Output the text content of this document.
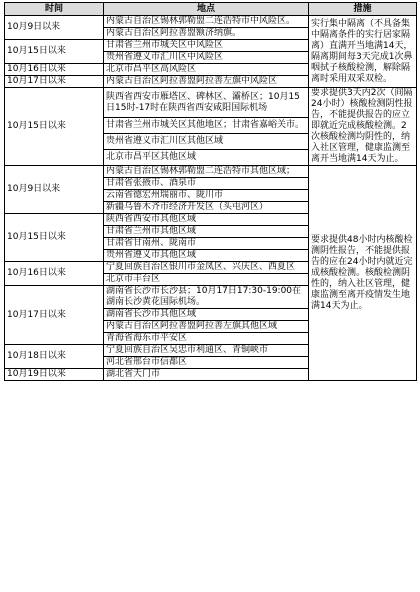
时间	地点	措施
10月9日以来	内蒙古自治区锡林郭勒盟二连浩特市中风险区。	实行集中隔离（不具备集中隔离条件的实行居家隔离）直满开当地满14天，隔离期间每3天完成1次鼻咽拭子核酸检测，解除隔离时采用双采双检。
	内蒙古自治区阿拉善盟额济纳旗。	
10月15日以来	甘肃省兰州市城关区中风险区	
	贵州省遵义市汇川区中风险区	
10月16日以来	北京市昌平区高风险区	
10月17日以来	内蒙古自治区阿拉善盟阿拉善左旗中风险区	
10月15日以来	陕西省西安市雁塔区、碑林区、灞桥区；10月15日15时-17时在陕西省西安咸阳国际机场	要求提供3天内2次（间隔24小时）核酸检测阴性报告，不能提供报告的应立即就近完成核酸检测。2次核酸检测均阴性的，纳入社区管理，健康监测至离开当地满14天为止。
	甘肃省兰州市城关区其他地区；甘肃省嘉峪关市。	
	贵州省遵义市汇川区其他区域	
	北京市昌平区其他区域	
10月9日以来	内蒙古自治区锡林郭勒盟二连浩特市其他区域；	要求提供48小时内核酸检测阴性报告，不能提供报告的应在24小时内就近完成核酸检测。核酸检测阴性的，纳入社区管理，健康监测至离开疫情发生地满14天为止。
	甘肃省张掖市、酒泉市	
	云南省德宏州瑞丽市、陇川市	
	新疆乌鲁木齐市经济开发区（头屯河区）	
10月15日以来	陕西省西安市其他区域	
	甘肃省兰州市其他区域	
	甘肃省甘南州、陇南市	
	贵州省遵义市其他区域	
10月16日以来	宁夏回族自治区银川市金凤区、兴庆区、西夏区	
	北京市丰台区	
10月17日以来	湖南省长沙市长沙县；10月17日17:30-19:00在湖南长沙黄花国际机场。	
	湖南省长沙市其他区域	
	内蒙古自治区阿拉善盟阿拉善左旗其他区域	
	青海省海东市平安区	
10月18日以来	宁夏回族自治区吴忠市利通区、青铜峡市	
	河北省邢台市信都区	
10月19日以来	湖北省天门市	
